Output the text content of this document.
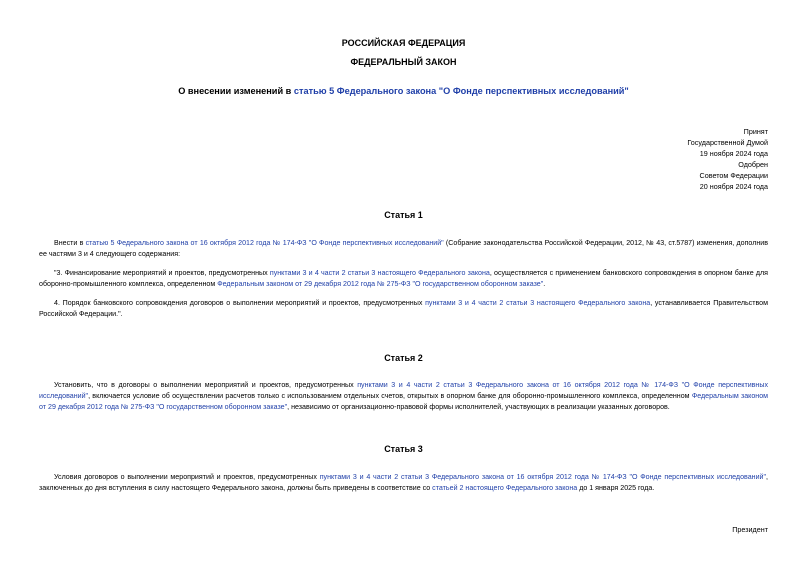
РОССИЙСКАЯ ФЕДЕРАЦИЯ
ФЕДЕРАЛЬНЫЙ ЗАКОН
О внесении изменений в статью 5 Федерального закона "О Фонде перспективных исследований"
Принят
Государственной Думой
19 ноября 2024 года
Одобрен
Советом Федерации
20 ноября 2024 года
Статья 1
Внести в статью 5 Федерального закона от 16 октября 2012 года № 174-ФЗ "О Фонде перспективных исследований" (Собрание законодательства Российской Федерации, 2012, № 43, ст.5787) изменения, дополнив ее частями 3 и 4 следующего содержания:
"3. Финансирование мероприятий и проектов, предусмотренных пунктами 3 и 4 части 2 статьи 3 настоящего Федерального закона, осуществляется с применением банковского сопровождения в опорном банке для оборонно-промышленного комплекса, определенном Федеральным законом от 29 декабря 2012 года № 275-ФЗ "О государственном оборонном заказе".
4. Порядок банковского сопровождения договоров о выполнении мероприятий и проектов, предусмотренных пунктами 3 и 4 части 2 статьи 3 настоящего Федерального закона, устанавливается Правительством Российской Федерации.".
Статья 2
Установить, что в договоры о выполнении мероприятий и проектов, предусмотренных пунктами 3 и 4 части 2 статьи 3 Федерального закона от 16 октября 2012 года № 174-ФЗ "О Фонде перспективных исследований", включается условие об осуществлении расчетов только с использованием отдельных счетов, открытых в опорном банке для оборонно-промышленного комплекса, определенном Федеральным законом от 29 декабря 2012 года № 275-ФЗ "О государственном оборонном заказе", независимо от организационно-правовой формы исполнителей, участвующих в реализации указанных договоров.
Статья 3
Условия договоров о выполнении мероприятий и проектов, предусмотренных пунктами 3 и 4 части 2 статьи 3 Федерального закона от 16 октября 2012 года № 174-ФЗ "О Фонде перспективных исследований", заключенных до дня вступления в силу настоящего Федерального закона, должны быть приведены в соответствие со статьей 2 настоящего Федерального закона до 1 января 2025 года.
Президент
